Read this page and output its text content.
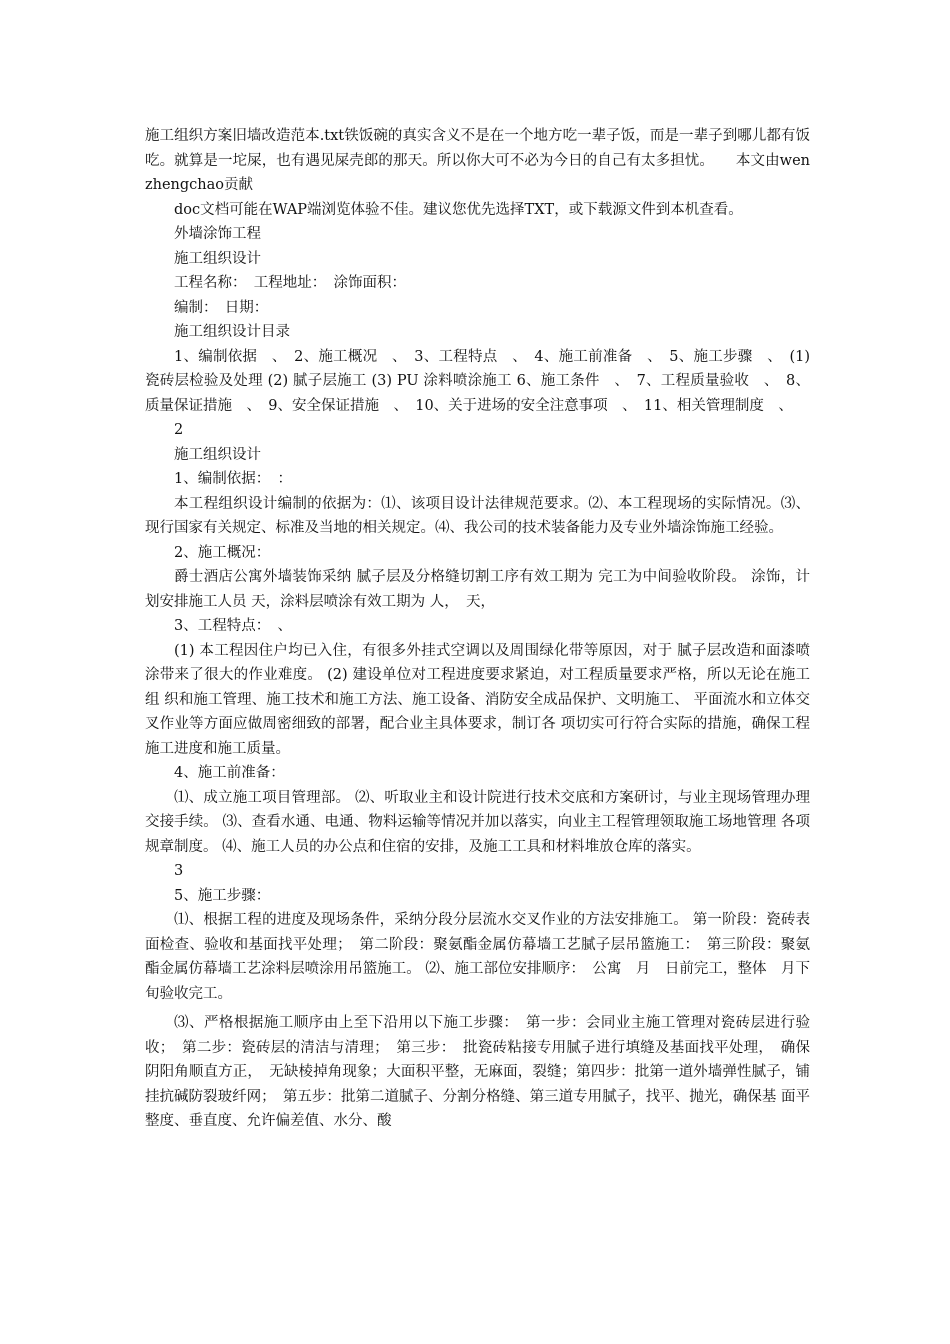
施工组织方案旧墙改造范本.txt铁饭碗的真实含义不是在一个地方吃一辈子饭，而是一辈子到哪儿都有饭吃。就算是一坨屎，也有遇见屎壳郎的那天。所以你大可不必为今日的自己有太多担忧。　　本文由wenzhengchao贡献

doc文档可能在WAP端浏览体验不佳。建议您优先选择TXT，或下载源文件到本机查看。

外墙涂饰工程

施工组织设计

工程名称：　工程地址：　涂饰面积：

编制：　日期：

施工组织设计目录

1、编制依据　、　2、施工概况　、　3、工程特点　、　4、施工前准备　、　5、施工步骤　、　(1) 瓷砖层检验及处理 (2) 腻子层施工 (3) PU 涂料喷涂施工 6、施工条件　、　7、工程质量验收　、　8、质量保证措施　、　9、安全保证措施　、　10、关于进场的安全注意事项　、　11、相关管理制度　、

2

施工组织设计

1、编制依据：　：

本工程组织设计编制的依据为：⑴、该项目设计法律规范要求。⑵、本工程现场的实际情况。⑶、现行国家有关规定、标准及当地的相关规定。⑷、我公司的技术装备能力及专业外墙涂饰施工经验。

2、施工概况：

爵士酒店公寓外墙装饰采纳 腻子层及分格缝切割工序有效工期为 完工为中间验收阶段。 涂饰，计划安排施工人员 天，涂料层喷涂有效工期为 人，　天，

3、工程特点：　、

(1) 本工程因住户均已入住，有很多外挂式空调以及周围绿化带等原因，对于 腻子层改造和面漆喷涂带来了很大的作业难度。 (2) 建设单位对工程进度要求紧迫，对工程质量要求严格，所以无论在施工组 织和施工管理、施工技术和施工方法、施工设备、消防安全成品保护、文明施工、 平面流水和立体交叉作业等方面应做周密细致的部署，配合业主具体要求，制订各 项切实可行符合实际的措施，确保工程施工进度和施工质量。

4、施工前准备：

⑴、成立施工项目管理部。 ⑵、听取业主和设计院进行技术交底和方案研讨，与业主现场管理办理交接手续。 ⑶、查看水通、电通、物料运输等情况并加以落实，向业主工程管理领取施工场地管理 各项规章制度。 ⑷、施工人员的办公点和住宿的安排，及施工工具和材料堆放仓库的落实。

3

5、施工步骤：

⑴、根据工程的进度及现场条件，采纳分段分层流水交叉作业的方法安排施工。 第一阶段：瓷砖表面检查、验收和基面找平处理；　第二阶段：聚氨酯金属仿幕墙工艺腻子层吊篮施工：　第三阶段：聚氨酯金属仿幕墙工艺涂料层喷涂用吊篮施工。 ⑵、施工部位安排顺序：　公寓　月　日前完工，整体　月下旬验收完工。

⑶、严格根据施工顺序由上至下沿用以下施工步骤：　第一步：会同业主施工管理对瓷砖层进行验收；　第二步：瓷砖层的清洁与清理；　第三步：　批瓷砖粘接专用腻子进行填缝及基面找平处理，　确保阴阳角顺直方正，　无缺棱掉角现象；大面积平整，无麻面，裂缝；第四步：批第一道外墙弹性腻子，铺挂抗碱防裂玻纤网；　第五步：批第二道腻子、分割分格缝、第三道专用腻子，找平、抛光，确保基 面平整度、垂直度、允许偏差值、水分、酸
